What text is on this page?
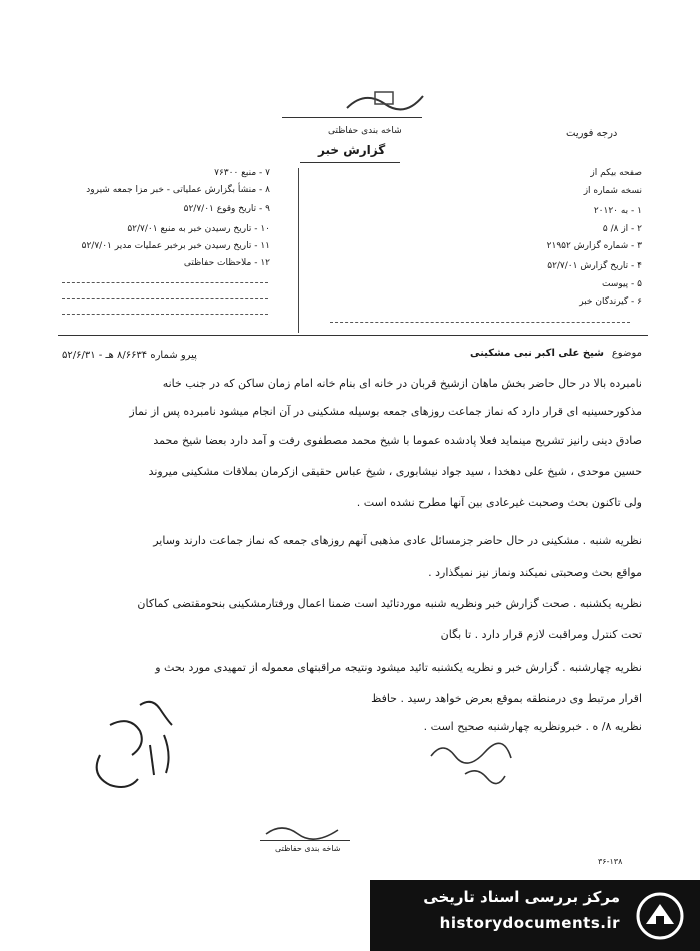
شاخه بندی حفاظتی	درجه فوریت
گزارش خبر
۷ - منبع ۷۶۳۰۰
۸ - منشأ بگزارش عملیاتی - خبر مزا جمعه شیرود
۹ - تاریخ وقوع ۵۲/۷/۰۱
۱۰ - تاریخ رسیدن خبر به منبع ۵۲/۷/۰۱
۱۱ - تاریخ رسیدن خبر برخبر عملیات مدیر ۵۲/۷/۰۱
۱۲ - ملاحظات حفاظتی
صفحه بیکم از
نسخه شماره از
۱ - به ۲۰۱۲۰
۲ - از ۸/ ۵
۳ - شماره گزارش ۲۱۹۵۲
۴ - تاریخ گزارش ۵۲/۷/۰۱
۵ - پیوست
۶ - گیرندگان خبر
موضوع
شیخ علی اکبر نبی مشکینی
پیرو شماره ۸/۶۶۳۴ هـ - ۵۲/۶/۳۱
نامبرده بالا در حال حاضر بخش ماهان ازشیخ قربان در خانه ای بنام خانه امام زمان ساکن که در جنب خانه
مذکورحسینیه ای قرار دارد که نماز جماعت روزهای جمعه بوسیله مشکینی در آن انجام میشود نامبرده پس از نماز
صادق دینی رانیز تشریح مینماید فعلا پادشده عموما با شیخ محمد مصطفوی رفت و آمد دارد بعضا شیخ محمد
حسین موحدی ، شیخ علی دهخدا ، سید جواد نیشابوری ، شیخ عباس حقیقی ازکرمان بملاقات مشکینی میروند
ولی تاکنون بحث وصحبت غیرعادی بین آنها مطرح نشده است .
نظریه شنبه . مشکینی در حال حاضر جزمسائل عادی مذهبی آنهم روزهای جمعه که نماز جماعت دارند وسایر
مواقع بحث وصحبتی نمیکند ونماز نیز نمیگذارد .
نظریه یکشنبه . صحت گزارش خبر ونظریه شنبه موردتائید است ضمنا اعمال ورفتارمشکینی بنحومقتضی کماکان
تحت کنترل ومراقبت لازم قرار دارد . تا بگان
نظریه چهارشنبه . گزارش خبر و نظریه یکشنبه تائید میشود ونتیجه مراقبتهای معموله از تمهیدی مورد بحث و
اقرار مرتبط وی درمنطقه بموقع بعرض خواهد رسید . حافظ
نظریه ۸/ ه . خبرونظریه چهارشنبه صحیح است .
شاخه بندی حفاظتی
۳۶-۱۳۸
مرکز بررسی اسناد تاریخی
historydocuments.ir
